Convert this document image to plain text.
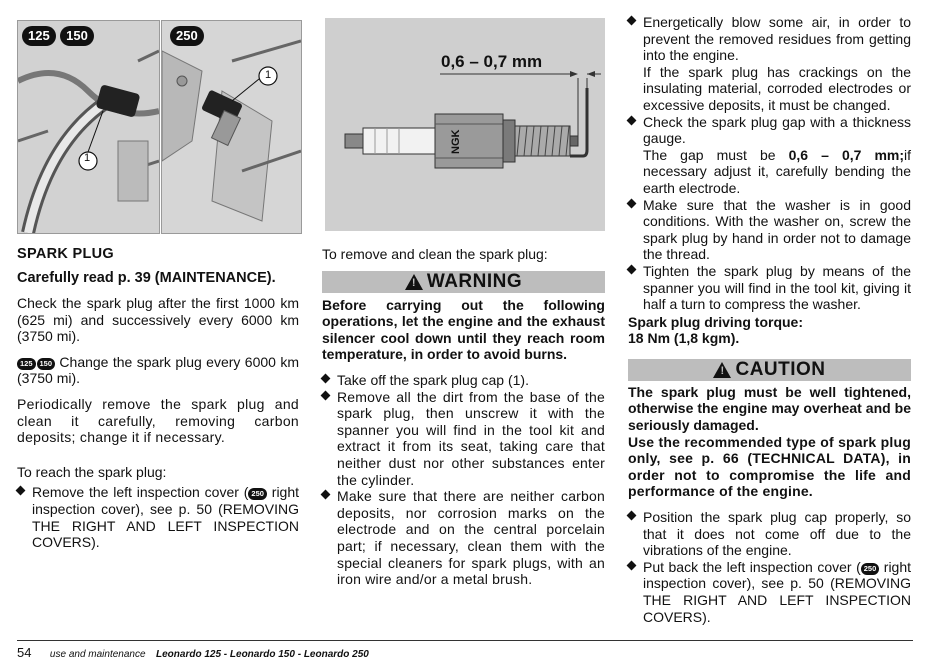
125 150
1
250
1
0,6 – 0,7 mm
NGK
SPARK PLUG
Carefully read p. 39 (MAINTENANCE).
Check the spark plug after the first 1000 km (625 mi) and successively every 6000 km (3750 mi).
125 150 Change the spark plug every 6000 km (3750 mi).
Periodically remove the spark plug and clean it carefully, removing carbon deposits; change it if necessary.
To reach the spark plug:
Remove the left inspection cover ( 250 right inspection cover), see p. 50 (REMOVING THE RIGHT AND LEFT INSPECTION COVERS).
To remove and clean the spark plug:
! WARNING
Before carrying out the following operations, let the engine and the exhaust silencer cool down until they reach room temperature, in order to avoid burns.
Take off the spark plug cap (1).
Remove all the dirt from the base of the spark plug, then unscrew it with the spanner you will find in the tool kit and extract it from its seat, taking care that neither dust nor other substances enter the cylinder.
Make sure that there are neither carbon deposits, nor corrosion marks on the electrode and on the central porcelain part; if necessary, clean them with the special cleaners for spark plugs, with an iron wire and/or a metal brush.
Energetically blow some air, in order to prevent the removed residues from getting into the engine.
If the spark plug has crackings on the insulating material, corroded electrodes or excessive deposits, it must be changed.
Check the spark plug gap with a thickness gauge.
The gap must be 0,6 – 0,7 mm;if necessary adjust it, carefully bending the earth electrode.
Make sure that the washer is in good conditions. With the washer on, screw the spark plug by hand in order not to damage the thread.
Tighten the spark plug by means of the spanner you will find in the tool kit, giving it half a turn to compress the washer.
Spark plug driving torque:
18 Nm (1,8 kgm).
! CAUTION
The spark plug must be well tightened, otherwise the engine may overheat and be seriously damaged.
Use the recommended type of spark plug only, see p. 66 (TECHNICAL DATA), in order not to compromise the life and performance of the engine.
Position the spark plug cap properly, so that it does not come off due to the vibrations of the engine.
Put back the left inspection cover ( 250 right inspection cover), see p. 50 (REMOVING THE RIGHT AND LEFT INSPECTION COVERS).
54 use and maintenance Leonardo 125 - Leonardo 150 - Leonardo 250
